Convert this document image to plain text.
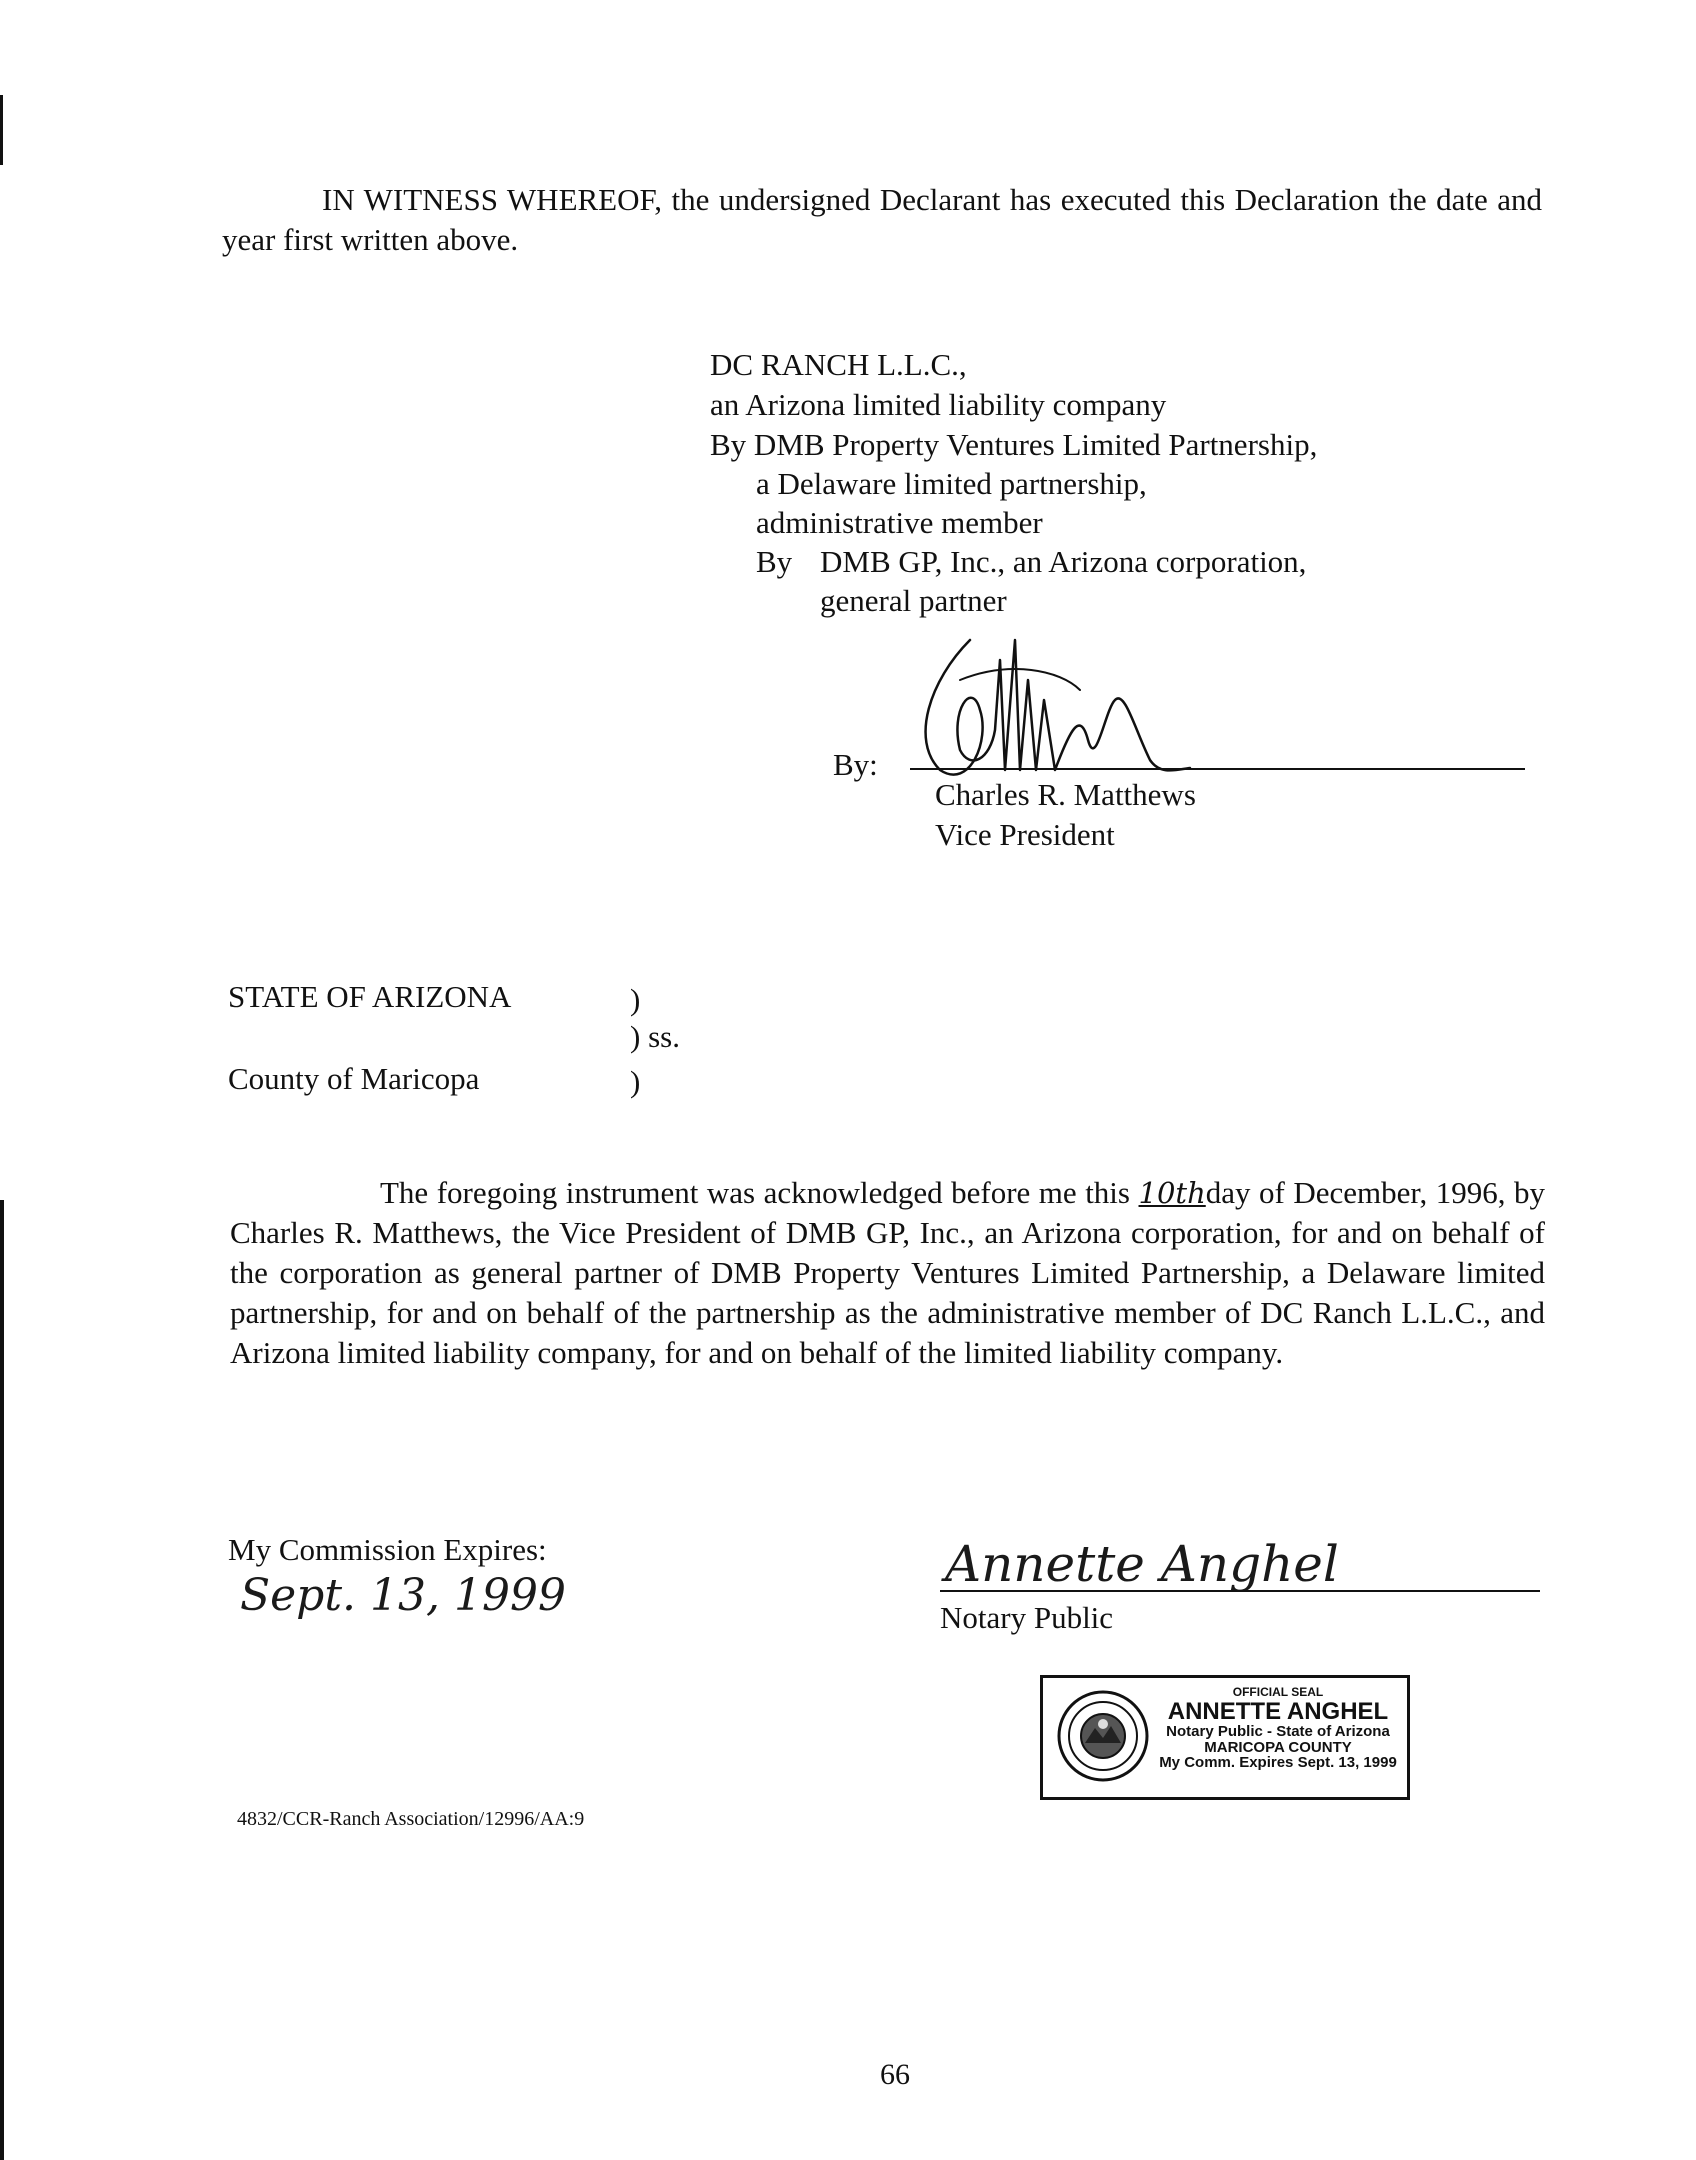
IN WITNESS WHEREOF, the undersigned Declarant has executed this Declaration the date and year first written above.
DC RANCH L.L.C.,
an Arizona limited liability company
By DMB Property Ventures Limited Partnership,
a Delaware limited partnership,
administrative member
By DMB GP, Inc., an Arizona corporation,
general partner
By:
Charles R. Matthews
Vice President
STATE OF ARIZONA	)
) ss.
County of Maricopa	)
The foregoing instrument was acknowledged before me this 10thday of December, 1996, by Charles R. Matthews, the Vice President of DMB GP, Inc., an Arizona corporation, for and on behalf of the corporation as general partner of DMB Property Ventures Limited Partnership, a Delaware limited partnership, for and on behalf of the partnership as the administrative member of DC Ranch L.L.C., and Arizona limited liability company, for and on behalf of the limited liability company.
My Commission Expires:
Sept. 13, 1999
Annette Anghel
Notary Public
OFFICIAL SEAL
ANNETTE ANGHEL
Notary Public - State of Arizona
MARICOPA COUNTY
My Comm. Expires Sept. 13, 1999
4832/CCR-Ranch Association/12996/AA:9
66
